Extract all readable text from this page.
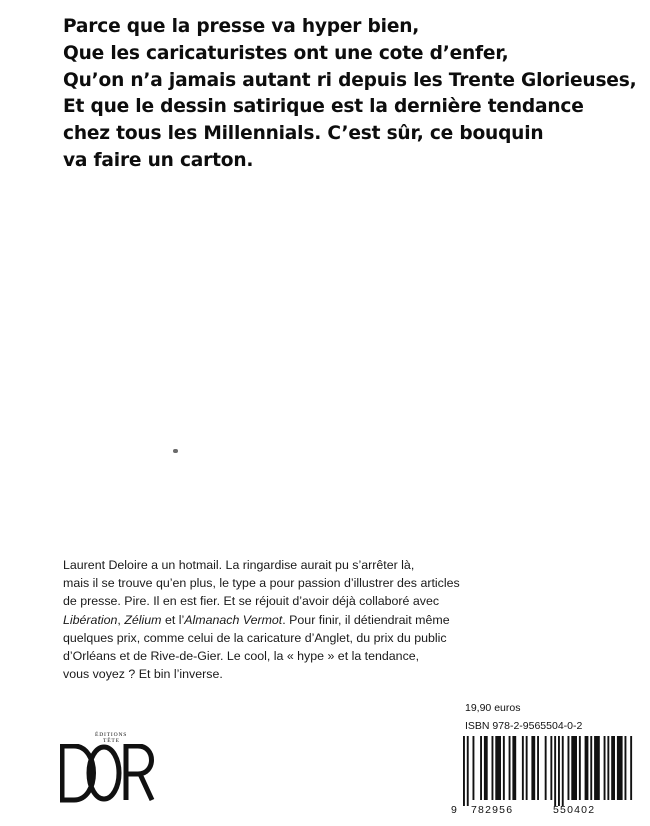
Parce que la presse va hyper bien,
Que les caricaturistes ont une cote d’enfer,
Qu’on n’a jamais autant ri depuis les Trente Glorieuses,
Et que le dessin satirique est la dernière tendance
chez tous les Millennials. C’est sûr, ce bouquin
va faire un carton.
Laurent Deloire a un hotmail. La ringardise aurait pu s’arrêter là,
mais il se trouve qu’en plus, le type a pour passion d’illustrer des articles
de presse. Pire. Il en est fier. Et se réjouit d’avoir déjà collaboré avec
Libération, Zélium et l’Almanach Vermot. Pour finir, il détiendrait même
quelques prix, comme celui de la caricature d’Anglet, du prix du public
d’Orléans et de Rive-de-Gier. Le cool, la « hype » et la tendance,
vous voyez ? Et bin l’inverse.
ÉDITIONS
TÊTE
19,90 euros
ISBN 978-2-9565504-0-2
9 782956	550402
